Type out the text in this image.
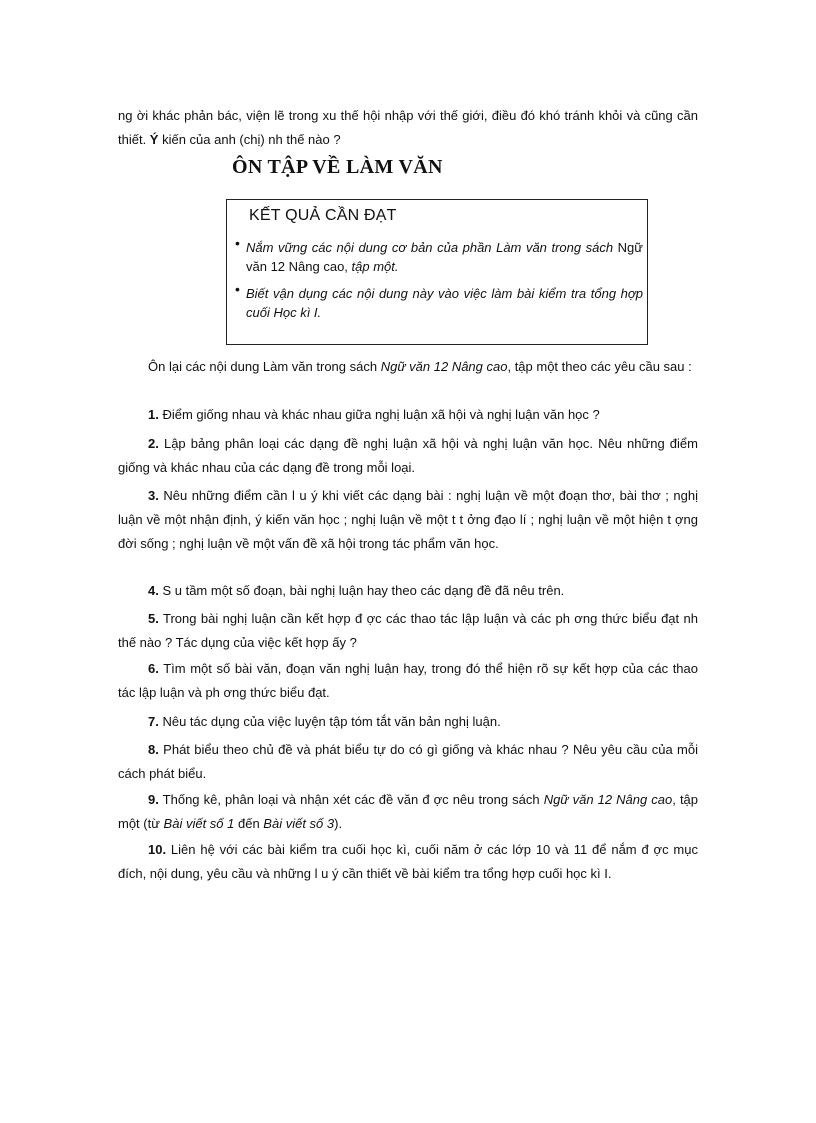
ng ời khác phản bác, viện lẽ trong xu thế hội nhập với thế giới, điều đó khó tránh khỏi và cũng cần thiết. Ý kiến của anh (chị) nh thế nào ?

ÔN TẬP VỀ LÀM VĂN

KẾT QUẢ CẦN ĐẠT

• Nắm vững các nội dung cơ bản của phần Làm văn trong sách Ngữ văn 12 Nâng cao, tập một.

• Biết vận dụng các nội dung này vào việc làm bài kiểm tra tổng hợp cuối Học kì I.

Ôn lại các nội dung Làm văn trong sách Ngữ văn 12 Nâng cao, tập một theo các yêu cầu sau :

1. Điểm giống nhau và khác nhau giữa nghị luận xã hội và nghị luận văn học ?

2. Lập bảng phân loại các dạng đề nghị luận xã hội và nghị luận văn học. Nêu những điểm giống và khác nhau của các dạng đề trong mỗi loại.

3. Nêu những điểm cần l u ý khi viết các dạng bài : nghị luận về một đoạn thơ, bài thơ ; nghị luận về một nhận định, ý kiến văn học ; nghị luận về một t t ởng đạo lí ; nghị luận về một hiện t ợng đời sống ; nghị luận về một vấn đề xã hội trong tác phẩm văn học.

4. S u tầm một số đoạn, bài nghị luận hay theo các dạng đề đã nêu trên.

5. Trong bài nghị luận cần kết hợp đ ợc các thao tác lập luận và các ph ơng thức biểu đạt nh thế nào ? Tác dụng của việc kết hợp ấy ?

6. Tìm một số bài văn, đoạn văn nghị luận hay, trong đó thể hiện rõ sự kết hợp của các thao tác lập luận và ph ơng thức biểu đạt.

7. Nêu tác dụng của việc luyện tập tóm tắt văn bản nghị luận.

8. Phát biểu theo chủ đề và phát biểu tự do có gì giống và khác nhau ? Nêu yêu cầu của mỗi cách phát biểu.

9. Thống kê, phân loại và nhận xét các đề văn đ ợc nêu trong sách Ngữ văn 12 Nâng cao, tập một (từ Bài viết số 1 đến Bài viết số 3).

10. Liên hệ với các bài kiểm tra cuối học kì, cuối năm ở các lớp 10 và 11 để nắm đ ợc mục đích, nội dung, yêu cầu và những l u ý cần thiết về bài kiểm tra tổng hợp cuối học kì I.
